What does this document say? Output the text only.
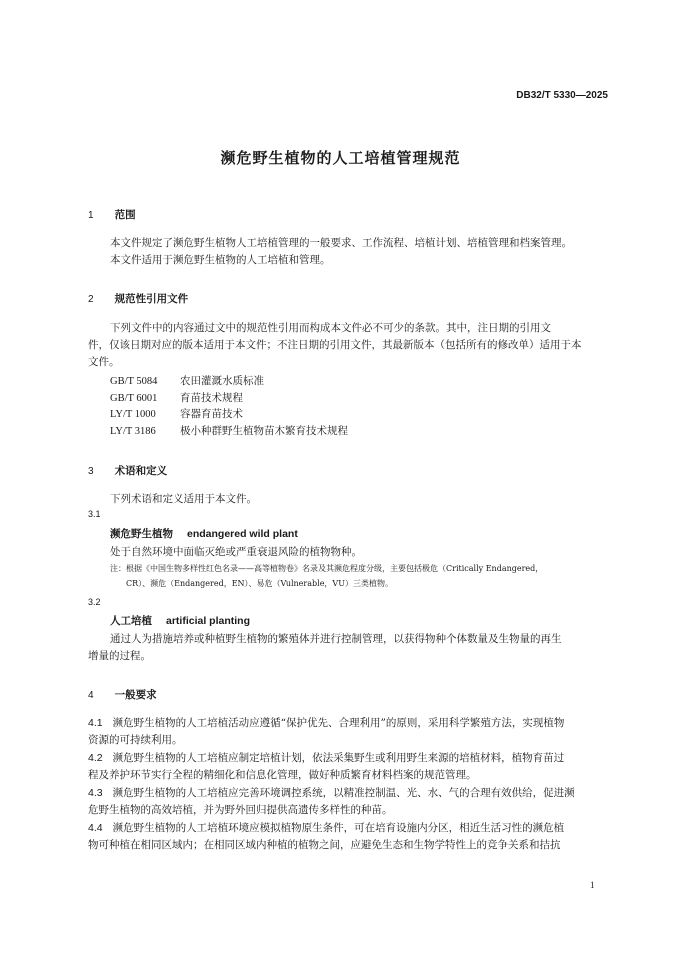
DB32/T 5330—2025
濒危野生植物的人工培植管理规范
1 范围
本文件规定了濒危野生植物人工培植管理的一般要求、工作流程、培植计划、培植管理和档案管理。
本文件适用于濒危野生植物的人工培植和管理。
2 规范性引用文件
下列文件中的内容通过文中的规范性引用而构成本文件必不可少的条款。其中，注日期的引用文
件，仅该日期对应的版本适用于本文件；不注日期的引用文件，其最新版本（包括所有的修改单）适用于本
文件。
GB/T 5084 农田灌溉水质标准
GB/T 6001 育苗技术规程
LY/T 1000 容器育苗技术
LY/T 3186 极小种群野生植物苗木繁育技术规程
3 术语和定义
下列术语和定义适用于本文件。
3.1
濒危野生植物 endangered wild plant
处于自然环境中面临灭绝或严重衰退风险的植物物种。
注：根据《中国生物多样性红色名录——高等植物卷》名录及其濒危程度分级，主要包括极危（Critically Endangered，
CR）、濒危（Endangered，EN）、易危（Vulnerable，VU）三类植物。
3.2
人工培植 artificial planting
通过人为措施培养或种植野生植物的繁殖体并进行控制管理，以获得物种个体数量及生物量的再生
增量的过程。
4 一般要求
4.1 濒危野生植物的人工培植活动应遵循“保护优先、合理利用”的原则，采用科学繁殖方法，实现植物
资源的可持续利用。
4.2 濒危野生植物的人工培植应制定培植计划，依法采集野生或利用野生来源的培植材料，植物育苗过
程及养护环节实行全程的精细化和信息化管理，做好种质繁育材料档案的规范管理。
4.3 濒危野生植物的人工培植应完善环境调控系统，以精准控制温、光、水、气的合理有效供给，促进濒
危野生植物的高效培植，并为野外回归提供高遗传多样性的种苗。
4.4 濒危野生植物的人工培植环境应模拟植物原生条件，可在培育设施内分区，相近生活习性的濒危植
物可种植在相同区域内；在相同区域内种植的植物之间，应避免生态和生物学特性上的竞争关系和拮抗
1
